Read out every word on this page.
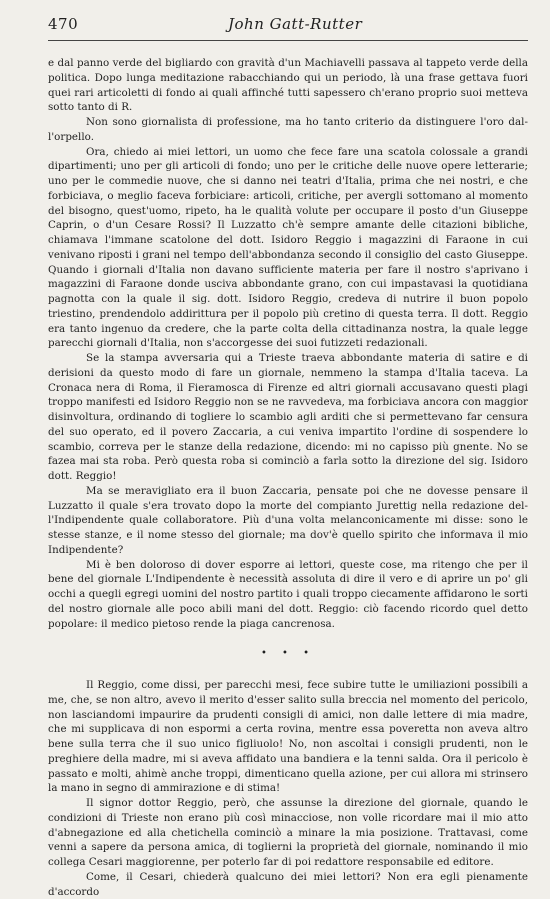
470	John Gatt-Rutter

e dal panno verde del bigliardo con gravità d'un Machiavelli passava al tappeto verde della politica. Dopo lunga meditazione rabacchiando qui un periodo, là una frase gettava fuori quei rari articoletti di fondo ai quali affinché tutti sapessero ch'erano proprio suoi metteva sotto tanto di R.

Non sono giornalista di professione, ma ho tanto criterio da distinguere l'oro dal-l'orpello.

Ora, chiedo ai miei lettori, un uomo che fece fare una scatola colossale a grandi dipartimenti; uno per gli articoli di fondo; uno per le critiche delle nuove opere letterarie; uno per le commedie nuove, che si danno nei teatri d'Italia, prima che nei nostri, e che forbiciava, o meglio faceva forbiciare: articoli, critiche, per avergli sottomano al momento del bisogno, quest'uomo, ripeto, ha le qualità volute per occupare il posto d'un Giuseppe Caprin, o d'un Cesare Rossi? Il Luzzatto ch'è sempre amante delle citazioni bibliche, chiamava l'immane scatolone del dott. Isidoro Reggio i magazzini di Faraone in cui venivano riposti i grani nel tempo dell'abbondanza secondo il consiglio del casto Giuseppe. Quando i giornali d'Italia non davano sufficiente materia per fare il nostro s'aprivano i magazzini di Faraone donde usciva abbondante grano, con cui impastavasi la quotidiana pagnotta con la quale il sig. dott. Isidoro Reggio, credeva di nutrire il buon popolo triestino, prendendolo addirittura per il popolo più cretino di questa terra. Il dott. Reggio era tanto ingenuo da credere, che la parte colta della cittadinanza nostra, la quale legge parecchi giornali d'Italia, non s'accorgesse dei suoi futizzeti redazionali.

Se la stampa avversaria qui a Trieste traeva abbondante materia di satire e di derisioni da questo modo di fare un giornale, nemmeno la stampa d'Italia taceva. La Cronaca nera di Roma, il Fieramosca di Firenze ed altri giornali accusavano questi plagi troppo manifesti ed Isidoro Reggio non se ne ravvedeva, ma forbiciava ancora con maggior disinvoltura, ordinando di togliere lo scambio agli arditi che si permettevano far censura del suo operato, ed il povero Zaccaria, a cui veniva impartito l'ordine di sospendere lo scambio, correva per le stanze della redazione, dicendo: mi no capisso più gnente. No se fazea mai sta roba. Però questa roba si cominciò a farla sotto la direzione del sig. Isidoro dott. Reggio!

Ma se meravigliato era il buon Zaccaria, pensate poi che ne dovesse pensare il Luzzatto il quale s'era trovato dopo la morte del compianto Jurettig nella redazione del-l'Indipendente quale collaboratore. Più d'una volta melanconicamente mi disse: sono le stesse stanze, e il nome stesso del giornale; ma dov'è quello spirito che informava il mio Indipendente?

Mi è ben doloroso di dover esporre ai lettori, queste cose, ma ritengo che per il bene del giornale L'Indipendente è necessità assoluta di dire il vero e di aprire un po' gli occhi a quegli egregi uomini del nostro partito i quali troppo ciecamente affidarono le sorti del nostro giornale alle poco abili mani del dott. Reggio: ciò facendo ricordo quel detto popolare: il medico pietoso rende la piaga cancrenosa.

• • •

Il Reggio, come dissi, per parecchi mesi, fece subire tutte le umiliazioni possibili a me, che, se non altro, avevo il merito d'esser salito sulla breccia nel momento del pericolo, non lasciandomi impaurire da prudenti consigli di amici, non dalle lettere di mia madre, che mi supplicava di non espormi a certa rovina, mentre essa poveretta non aveva altro bene sulla terra che il suo unico figliuolo! No, non ascoltai i consigli prudenti, non le preghiere della madre, mi si aveva affidato una bandiera e la tenni salda. Ora il pericolo è passato e molti, ahimè anche troppi, dimenticano quella azione, per cui allora mi strinsero la mano in segno di ammirazione e di stima!

Il signor dottor Reggio, però, che assunse la direzione del giornale, quando le condizioni di Trieste non erano più così minacciose, non volle ricordare mai il mio atto d'abnegazione ed alla chetichella cominciò a minare la mia posizione. Trattavasi, come venni a sapere da persona amica, di toglierni la proprietà del giornale, nominando il mio collega Cesari maggiorenne, per poterlo far di poi redattore responsabile ed editore.

Come, il Cesari, chiederà qualcuno dei miei lettori? Non era egli pienamente d'accordo
